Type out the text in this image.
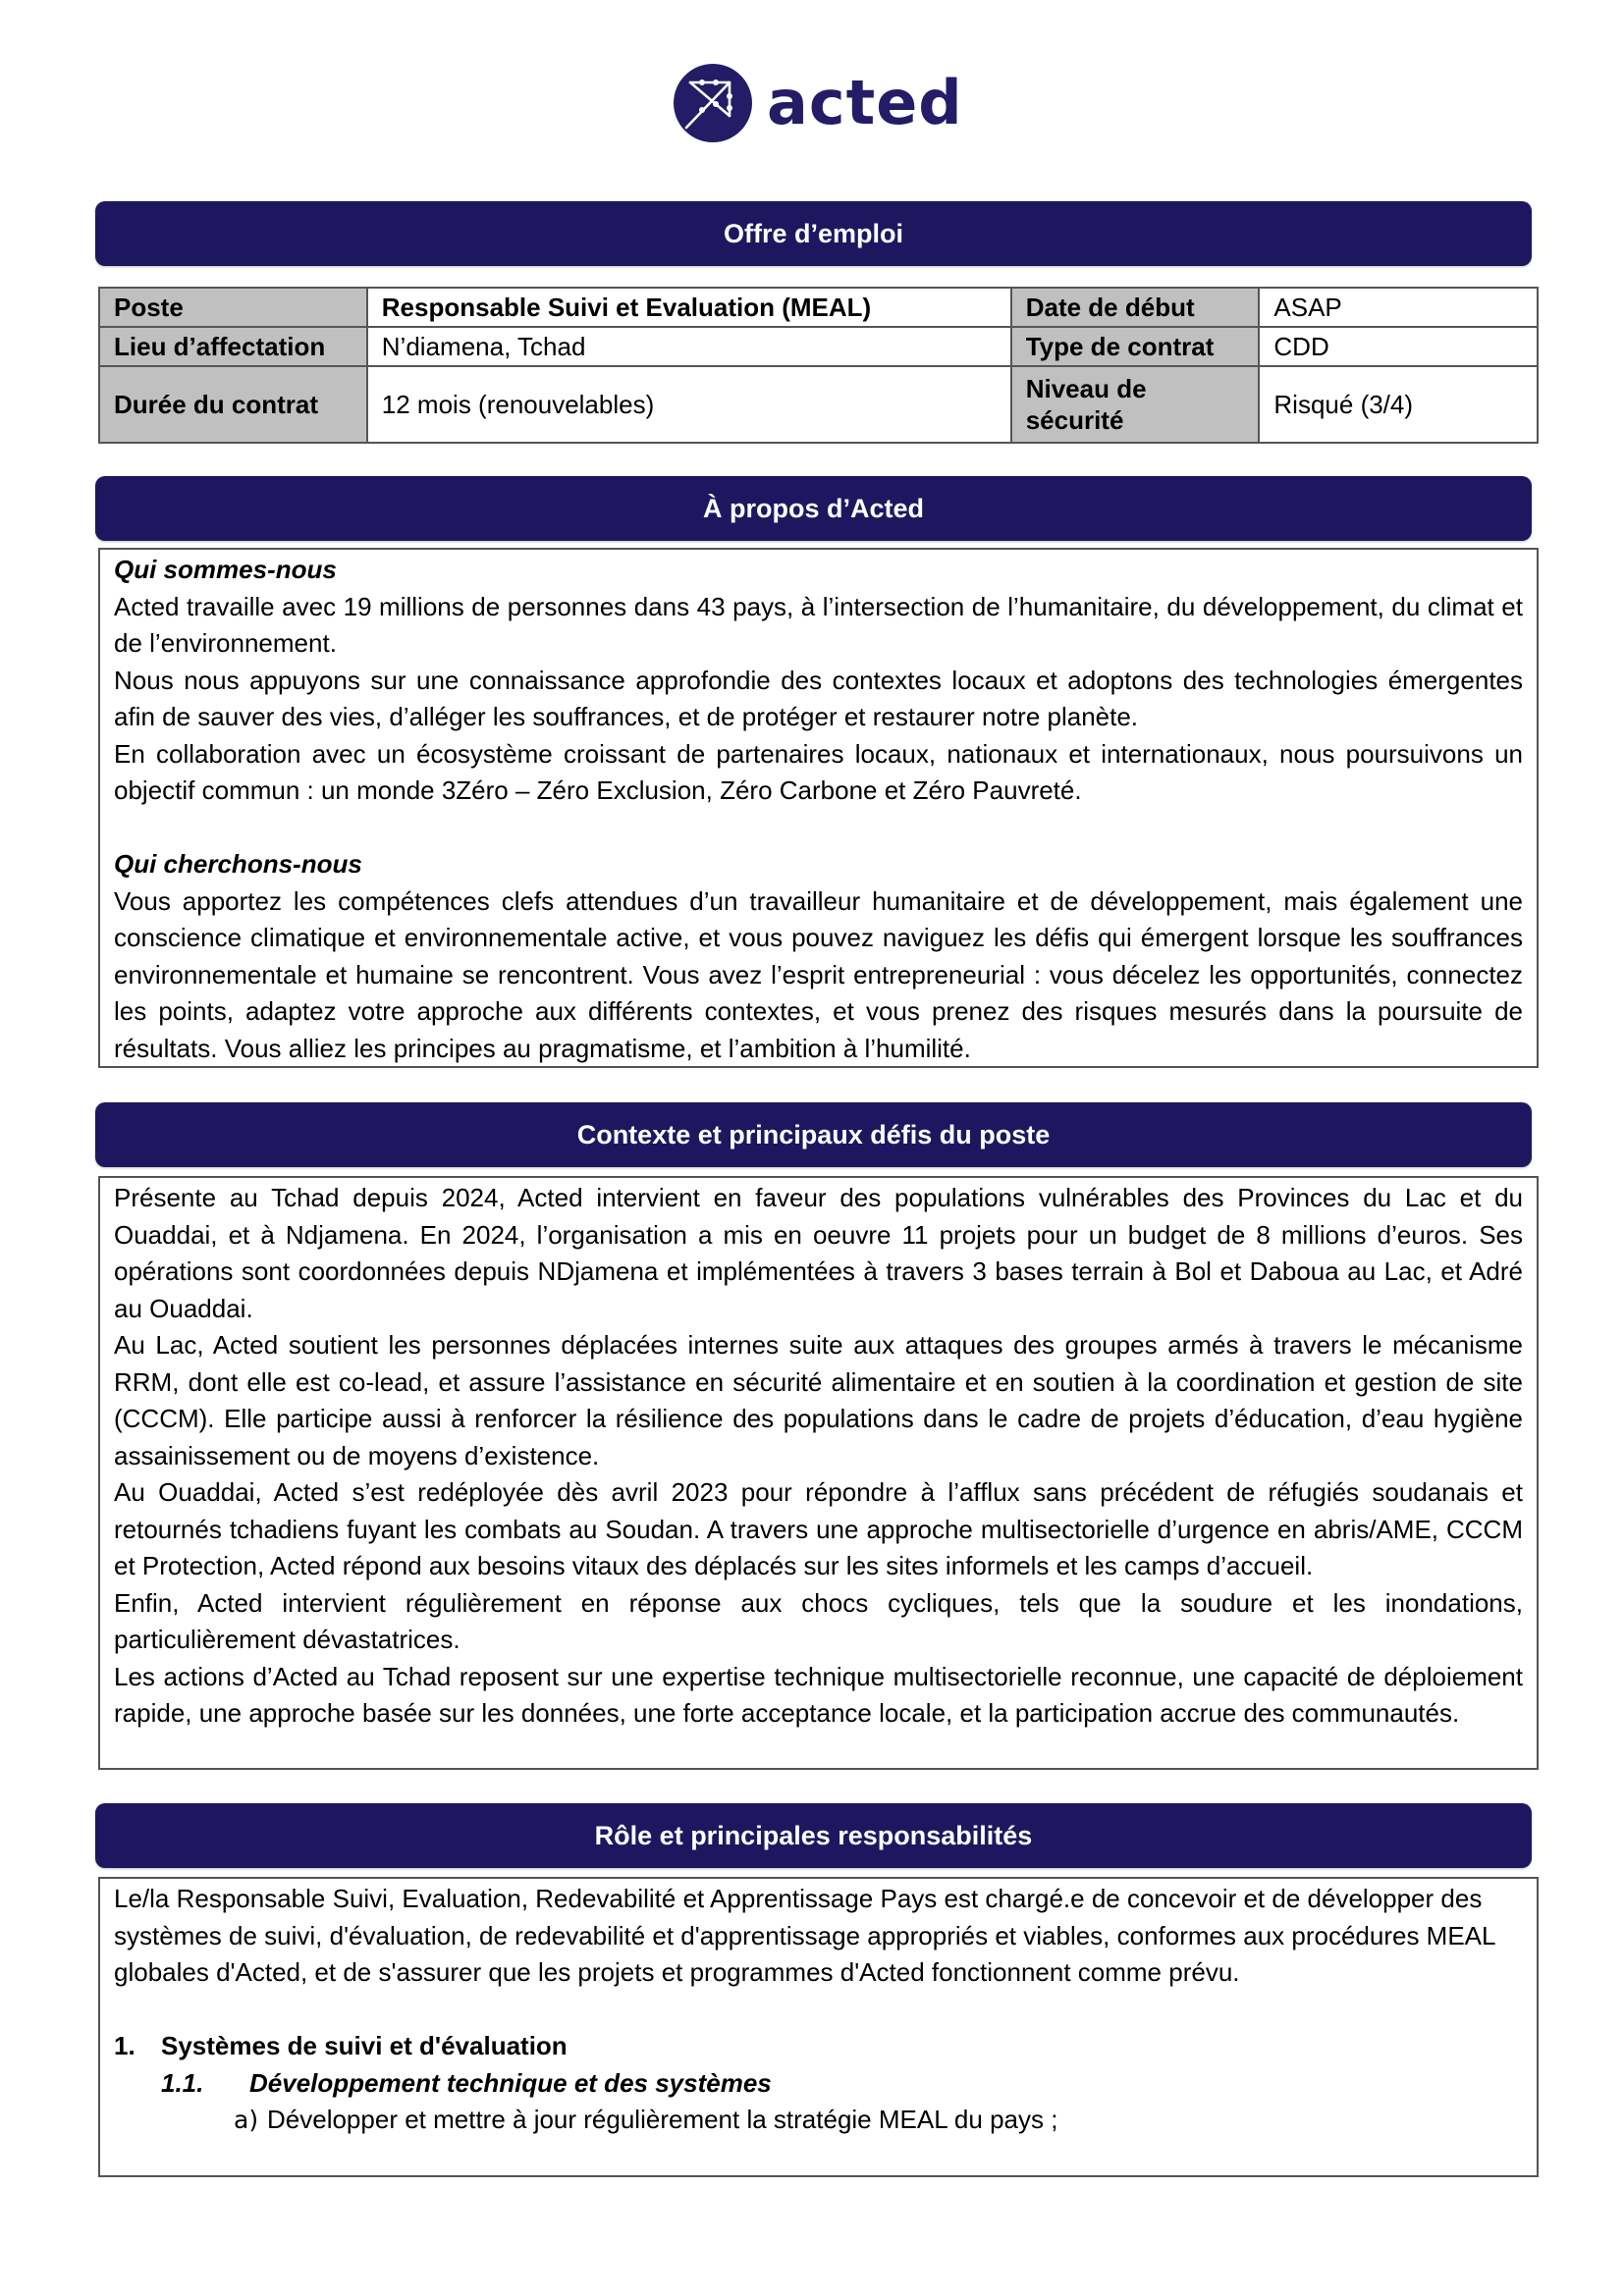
acted
Offre d’emploi
Poste	Responsable Suivi et Evaluation (MEAL)	Date de début	ASAP
Lieu d’affectation	N’diamena, Tchad	Type de contrat	CDD
Durée du contrat	12 mois (renouvelables)	Niveau de sécurité	Risqué (3/4)
À propos d’Acted

Qui sommes-nous

Acted travaille avec 19 millions de personnes dans 43 pays, à l’intersection de l’humanitaire, du développement, du climat et de l’environnement.

Nous nous appuyons sur une connaissance approfondie des contextes locaux et adoptons des technologies émergentes afin de sauver des vies, d’alléger les souffrances, et de protéger et restaurer notre planète.

En collaboration avec un écosystème croissant de partenaires locaux, nationaux et internationaux, nous poursuivons un objectif commun : un monde 3Zéro – Zéro Exclusion, Zéro Carbone et Zéro Pauvreté.

Qui cherchons-nous

Vous apportez les compétences clefs attendues d’un travailleur humanitaire et de développement, mais également une conscience climatique et environnementale active, et vous pouvez naviguez les défis qui émergent lorsque les souffrances environnementale et humaine se rencontrent. Vous avez l’esprit entrepreneurial : vous décelez les opportunités, connectez les points, adaptez votre approche aux différents contextes, et vous prenez des risques mesurés dans la poursuite de résultats. Vous alliez les principes au pragmatisme, et l’ambition à l’humilité.

Contexte et principaux défis du poste

Présente au Tchad depuis 2024, Acted intervient en faveur des populations vulnérables des Provinces du Lac et du Ouaddai, et à Ndjamena. En 2024, l’organisation a mis en oeuvre 11 projets pour un budget de 8 millions d’euros. Ses opérations sont coordonnées depuis NDjamena et implémentées à travers 3 bases terrain à Bol et Daboua au Lac, et Adré au Ouaddai.

Au Lac, Acted soutient les personnes déplacées internes suite aux attaques des groupes armés à travers le mécanisme RRM, dont elle est co-lead, et assure l’assistance en sécurité alimentaire et en soutien à la coordination et gestion de site (CCCM). Elle participe aussi à renforcer la résilience des populations dans le cadre de projets d’éducation, d’eau hygiène assainissement ou de moyens d’existence.

Au Ouaddai, Acted s’est redéployée dès avril 2023 pour répondre à l’afflux sans précédent de réfugiés soudanais et retournés tchadiens fuyant les combats au Soudan. A travers une approche multisectorielle d’urgence en abris/AME, CCCM et Protection, Acted répond aux besoins vitaux des déplacés sur les sites informels et les camps d’accueil.

Enfin, Acted intervient régulièrement en réponse aux chocs cycliques, tels que la soudure et les inondations, particulièrement dévastatrices.

Les actions d’Acted au Tchad reposent sur une expertise technique multisectorielle reconnue, une capacité de déploiement rapide, une approche basée sur les données, une forte acceptance locale, et la participation accrue des communautés.

Rôle et principales responsabilités

Le/la Responsable Suivi, Evaluation, Redevabilité et Apprentissage Pays est chargé.e de concevoir et de développer des systèmes de suivi, d'évaluation, de redevabilité et d'apprentissage appropriés et viables, conformes aux procédures MEAL globales d'Acted, et de s'assurer que les projets et programmes d'Acted fonctionnent comme prévu.

1.	Systèmes de suivi et d'évaluation
1.1.	Développement technique et des systèmes
a) Développer et mettre à jour régulièrement la stratégie MEAL du pays ;
